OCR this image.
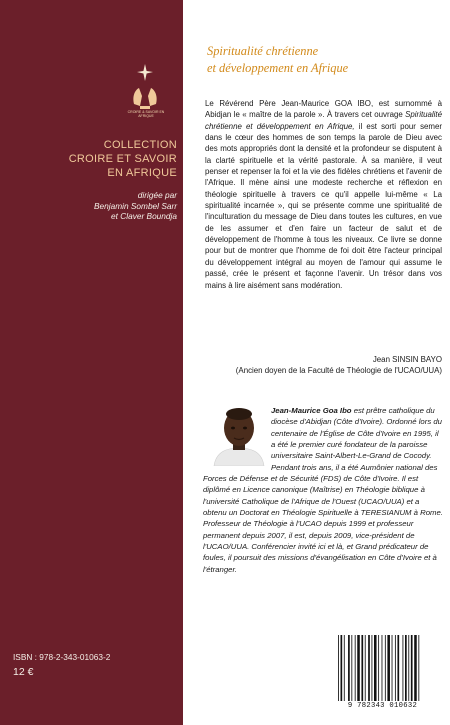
CROIRE & SAVOIR EN AFRIQUE
COLLECTION
CROIRE ET SAVOIR
EN AFRIQUE
dirigée par
Benjamin Sombel Sarr
et Claver Boundja
ISBN : 978-2-343-01063-2
12 €
Spiritualité chrétienne
et développement en Afrique
Le Révérend Père Jean-Maurice GOA IBO, est surnommé à Abidjan le « maître de la parole ». À travers cet ouvrage Spiritualité chrétienne et développement en Afrique, il est sorti pour semer dans le cœur des hommes de son temps la parole de Dieu avec des mots appropriés dont la densité et la profondeur se disputent à la clarté spirituelle et la vérité pastorale. À sa manière, il veut penser et repenser la foi et la vie des fidèles chrétiens et l'avenir de l'Afrique. Il mène ainsi une modeste recherche et réflexion en théologie spirituelle à travers ce qu'il appelle lui-même « La spiritualité incarnée », qui se présente comme une spiritualité de l'inculturation du message de Dieu dans toutes les cultures, en vue de les assumer et d'en faire un facteur de salut et de développement de l'homme à tous les niveaux. Ce livre se donne pour but de montrer que l'homme de foi doit être l'acteur principal du développement intégral au moyen de l'amour qui assume le passé, crée le présent et façonne l'avenir. Un trésor dans vos mains à lire aisément sans modération.
Jean SINSIN BAYO
(Ancien doyen de la Faculté de Théologie de l'UCAO/UUA)
Jean-Maurice Goa Ibo est prêtre catholique du diocèse d'Abidjan (Côte d'Ivoire). Ordonné lors du centenaire de l'Église de Côte d'Ivoire en 1995, il a été le premier curé fondateur de la paroisse universitaire Saint-Albert-Le-Grand de Cocody. Pendant trois ans, il a été Aumônier national des Forces de Défense et de Sécurité (FDS) de Côte d'Ivoire. Il est diplômé en Licence canonique (Maîtrise) en Théologie biblique à l'université Catholique de l'Afrique de l'Ouest (UCAO/UUA) et a obtenu un Doctorat en Théologie Spirituelle à TERESIANUM à Rome. Professeur de Théologie à l'UCAO depuis 1999 et professeur permanent depuis 2007, il est, depuis 2009, vice-président de l'UCAO/UUA. Conférencier invité ici et là, et Grand prédicateur de foules, il poursuit des missions d'évangélisation en Côte d'Ivoire et à l'étranger.
9 782343 010632
